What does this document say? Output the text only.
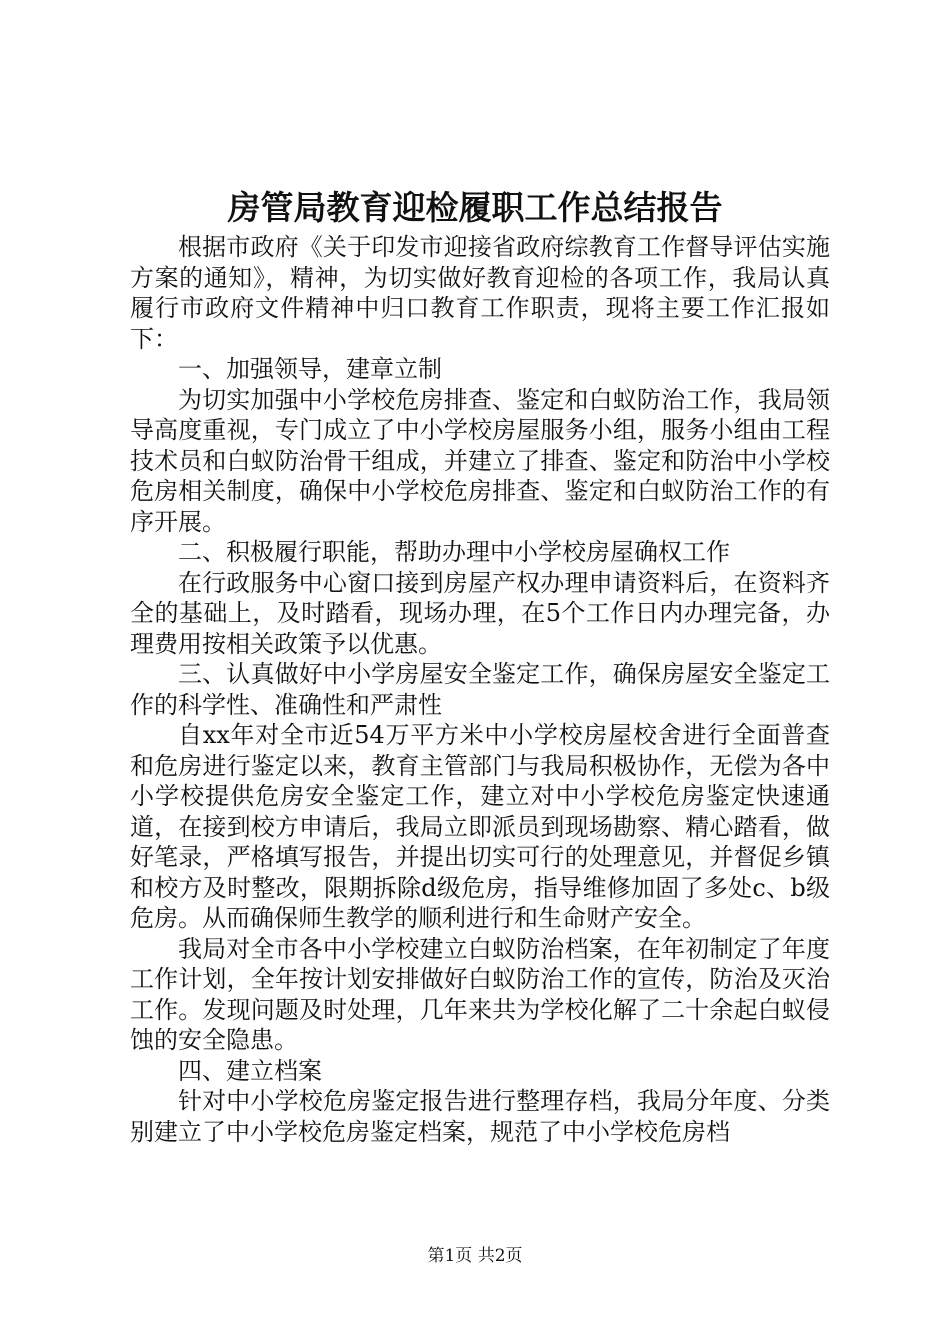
房管局教育迎检履职工作总结报告

根据市政府《关于印发市迎接省政府综教育工作督导评估实施方案的通知》，精神，为切实做好教育迎检的各项工作，我局认真履行市政府文件精神中归口教育工作职责，现将主要工作汇报如下：

一、加强领导，建章立制

为切实加强中小学校危房排查、鉴定和白蚁防治工作，我局领导高度重视，专门成立了中小学校房屋服务小组，服务小组由工程技术员和白蚁防治骨干组成，并建立了排查、鉴定和防治中小学校危房相关制度，确保中小学校危房排查、鉴定和白蚁防治工作的有序开展。

二、积极履行职能，帮助办理中小学校房屋确权工作

在行政服务中心窗口接到房屋产权办理申请资料后，在资料齐全的基础上，及时踏看，现场办理，在5个工作日内办理完备，办理费用按相关政策予以优惠。

三、认真做好中小学房屋安全鉴定工作，确保房屋安全鉴定工作的科学性、准确性和严肃性

自xx年对全市近54万平方米中小学校房屋校舍进行全面普查和危房进行鉴定以来，教育主管部门与我局积极协作，无偿为各中小学校提供危房安全鉴定工作，建立对中小学校危房鉴定快速通道，在接到校方申请后，我局立即派员到现场勘察、精心踏看，做好笔录，严格填写报告，并提出切实可行的处理意见，并督促乡镇和校方及时整改，限期拆除d级危房，指导维修加固了多处c、b级危房。从而确保师生教学的顺利进行和生命财产安全。

我局对全市各中小学校建立白蚁防治档案，在年初制定了年度工作计划，全年按计划安排做好白蚁防治工作的宣传，防治及灭治工作。发现问题及时处理，几年来共为学校化解了二十余起白蚁侵蚀的安全隐患。

四、建立档案

针对中小学校危房鉴定报告进行整理存档，我局分年度、分类别建立了中小学校危房鉴定档案，规范了中小学校危房档

第1页 共2页
